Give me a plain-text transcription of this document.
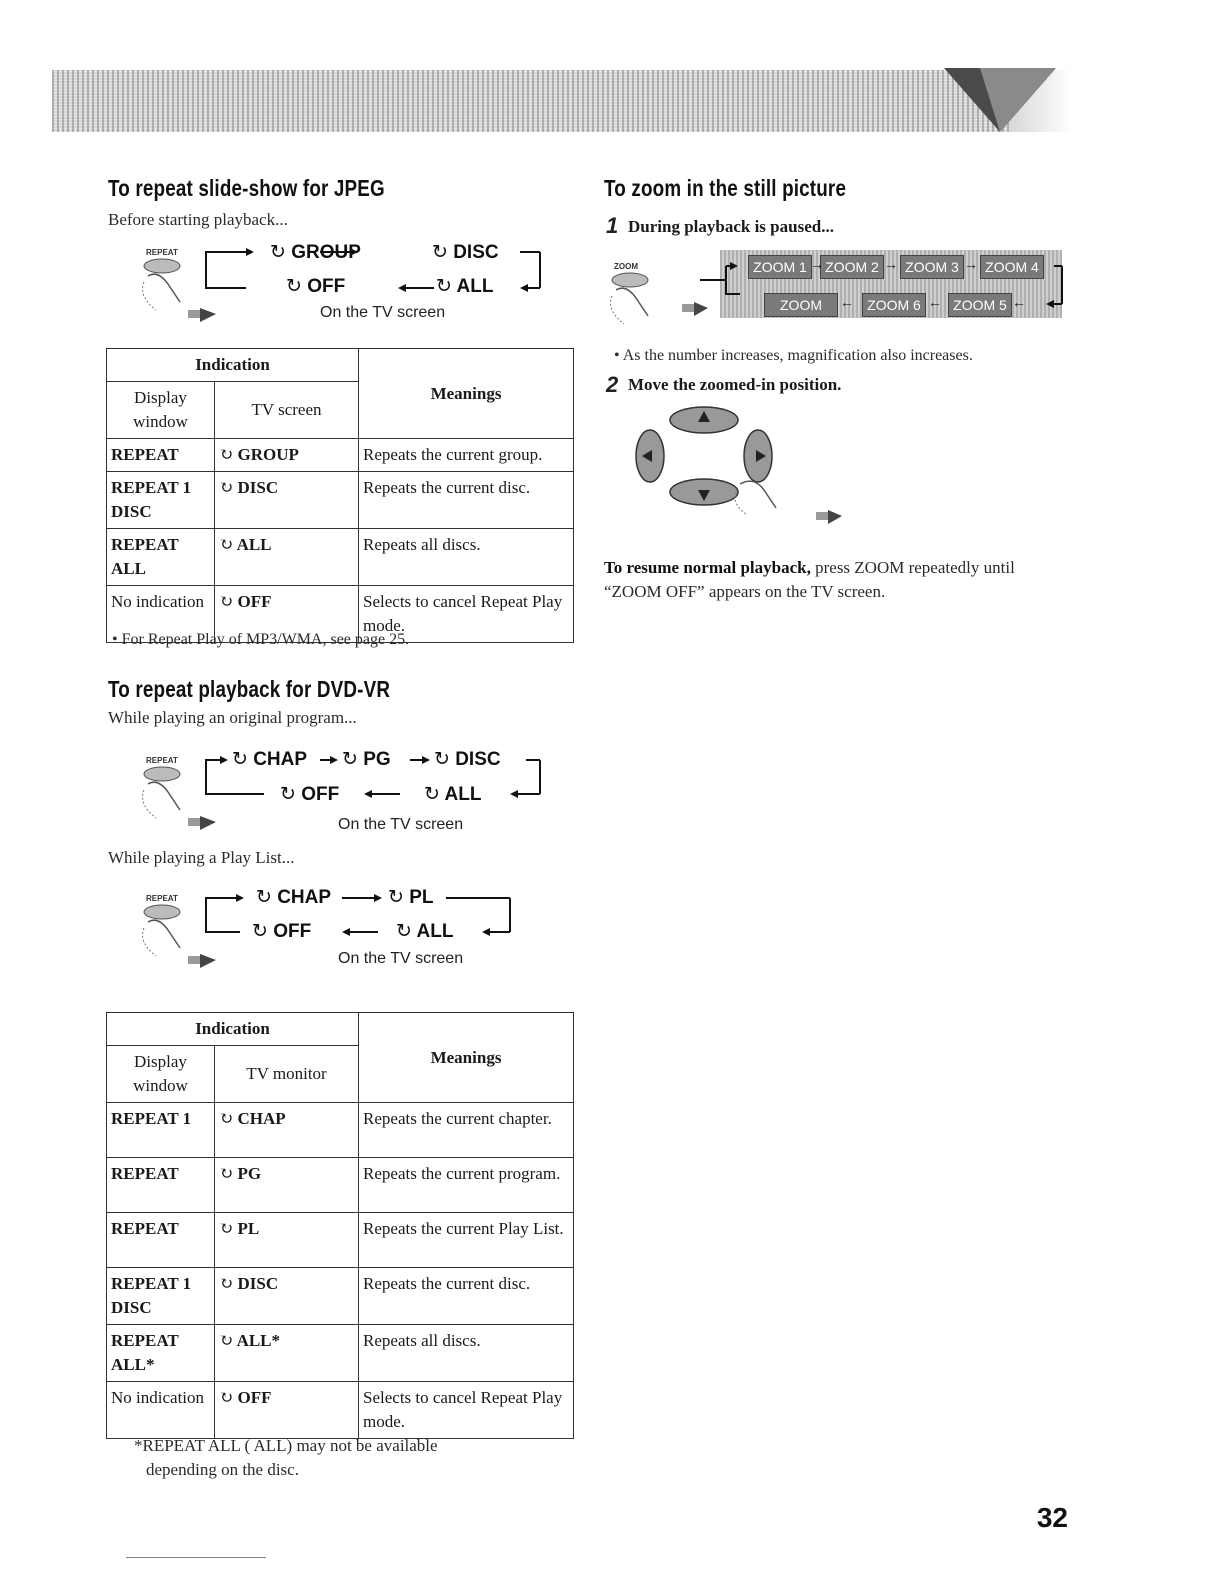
To repeat slide-show for JPEG
Before starting playback...
REPEAT	↻ GROUP	↻ DISC
↻ OFF	↻ ALL
On the TV screen
Indication		Meanings
Display window	TV screen	
REPEAT	↻ GROUP	Repeats the current group.
REPEAT 1 DISC	↻ DISC	Repeats the current disc.
REPEAT ALL	↻ ALL	Repeats all discs.
No indication	↻ OFF	Selects to cancel Repeat Play mode.
• For Repeat Play of MP3/WMA, see page 25.
To repeat playback for DVD-VR
While playing an original program...
REPEAT	↻ CHAP ↻ PG ↻ DISC
↻ OFF	↻ ALL
On the TV screen
While playing a Play List...
REPEAT	↻ CHAP	↻ PL
↻ OFF	↻ ALL
On the TV screen
Indication		Meanings
Display window	TV monitor	
REPEAT 1	↻ CHAP	Repeats the current chapter.
REPEAT	↻ PG	Repeats the current program.
REPEAT	↻ PL	Repeats the current Play List.
REPEAT 1 DISC	↻ DISC	Repeats the current disc.
REPEAT ALL*	↻ ALL*	Repeats all discs.
No indication	↻ OFF	Selects to cancel Repeat Play mode.
*REPEAT ALL ( ALL) may not be available
depending on the disc.
To zoom in the still picture
1 During playback is paused...
ZOOM	ZOOM 1	ZOOM 2	ZOOM 3	ZOOM 4
ZOOM 5
ZOOM 6
ZOOM OFF
→	→	→
←
←
←
• As the number increases, magnification also increases.
2 Move the zoomed-in position.
To resume normal playback, press ZOOM repeatedly until
“ZOOM OFF” appears on the TV screen.
32
